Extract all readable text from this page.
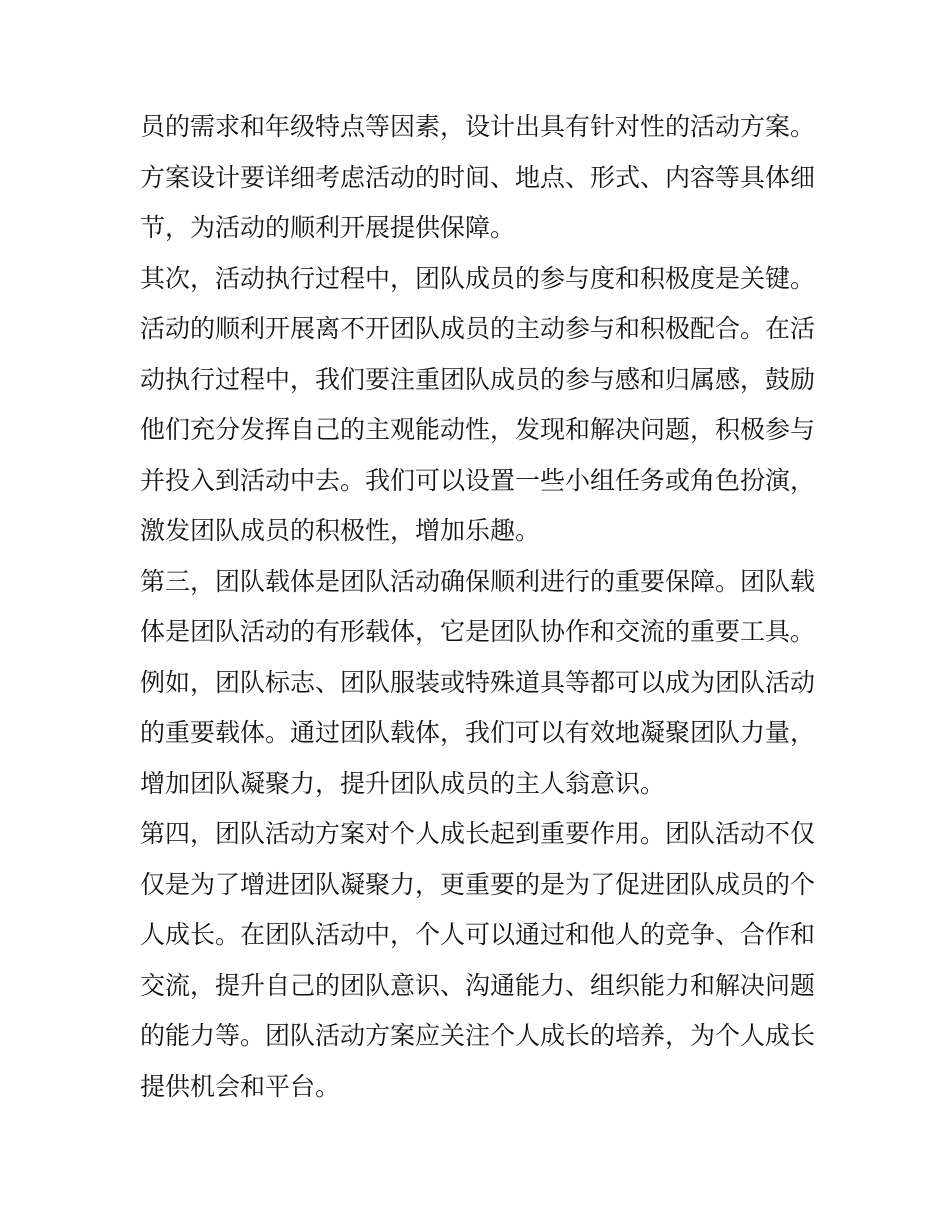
员的需求和年级特点等因素，设计出具有针对性的活动方案。
方案设计要详细考虑活动的时间、地点、形式、内容等具体细
节，为活动的顺利开展提供保障。
其次，活动执行过程中，团队成员的参与度和积极度是关键。
活动的顺利开展离不开团队成员的主动参与和积极配合。在活
动执行过程中，我们要注重团队成员的参与感和归属感，鼓励
他们充分发挥自己的主观能动性，发现和解决问题，积极参与
并投入到活动中去。我们可以设置一些小组任务或角色扮演，
激发团队成员的积极性，增加乐趣。
第三，团队载体是团队活动确保顺利进行的重要保障。团队载
体是团队活动的有形载体，它是团队协作和交流的重要工具。
例如，团队标志、团队服装或特殊道具等都可以成为团队活动
的重要载体。通过团队载体，我们可以有效地凝聚团队力量，
增加团队凝聚力，提升团队成员的主人翁意识。
第四，团队活动方案对个人成长起到重要作用。团队活动不仅
仅是为了增进团队凝聚力，更重要的是为了促进团队成员的个
人成长。在团队活动中，个人可以通过和他人的竞争、合作和
交流，提升自己的团队意识、沟通能力、组织能力和解决问题
的能力等。团队活动方案应关注个人成长的培养，为个人成长
提供机会和平台。
